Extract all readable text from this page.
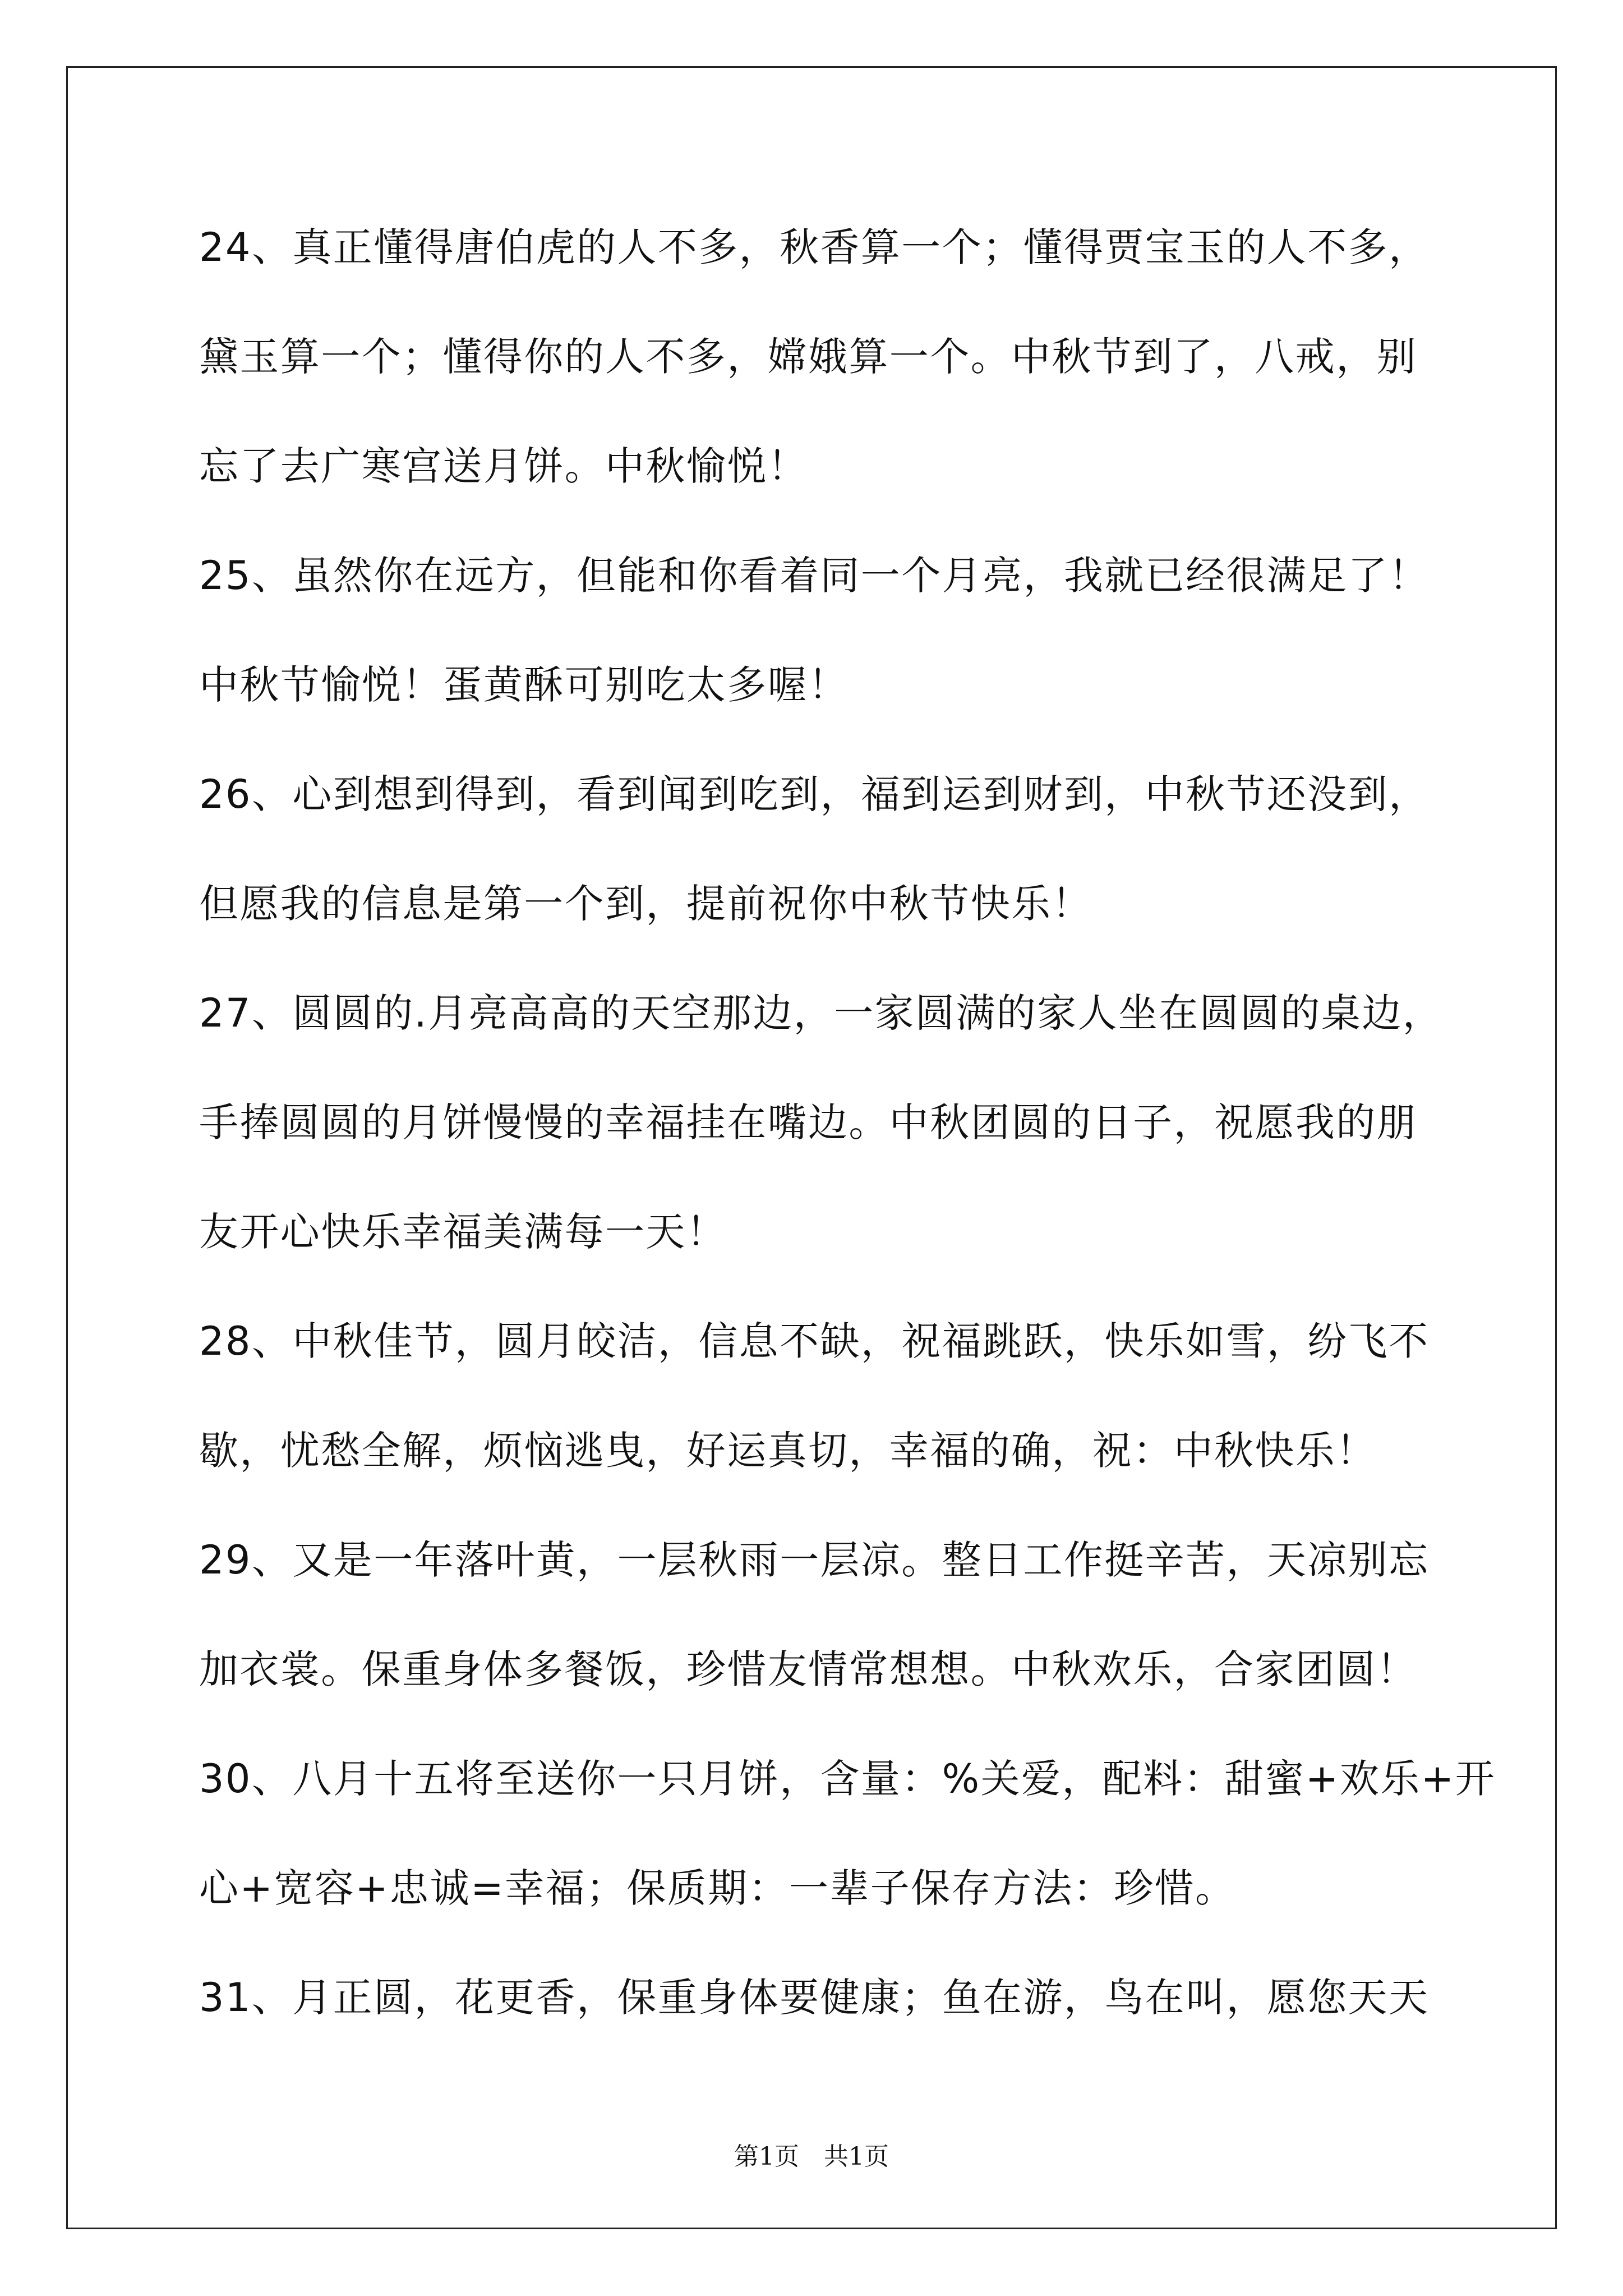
24、真正懂得唐伯虎的人不多，秋香算一个；懂得贾宝玉的人不多，
黛玉算一个；懂得你的人不多，嫦娥算一个。中秋节到了，八戒，别
忘了去广寒宫送月饼。中秋愉悦！
25、虽然你在远方，但能和你看着同一个月亮，我就已经很满足了！
中秋节愉悦！蛋黄酥可别吃太多喔！
26、心到想到得到，看到闻到吃到，福到运到财到，中秋节还没到，
但愿我的信息是第一个到，提前祝你中秋节快乐！
27、圆圆的.月亮高高的天空那边，一家圆满的家人坐在圆圆的桌边，
手捧圆圆的月饼慢慢的幸福挂在嘴边。中秋团圆的日子，祝愿我的朋
友开心快乐幸福美满每一天！
28、中秋佳节，圆月皎洁，信息不缺，祝福跳跃，快乐如雪，纷飞不
歇，忧愁全解，烦恼逃曳，好运真切，幸福的确，祝：中秋快乐！
29、又是一年落叶黄，一层秋雨一层凉。整日工作挺辛苦，天凉别忘
加衣裳。保重身体多餐饭，珍惜友情常想想。中秋欢乐，合家团圆！
30、八月十五将至送你一只月饼，含量：%关爱，配料：甜蜜+欢乐+开
心+宽容+忠诚=幸福；保质期：一辈子保存方法：珍惜。
31、月正圆，花更香，保重身体要健康；鱼在游，鸟在叫，愿您天天
第1页　共1页
